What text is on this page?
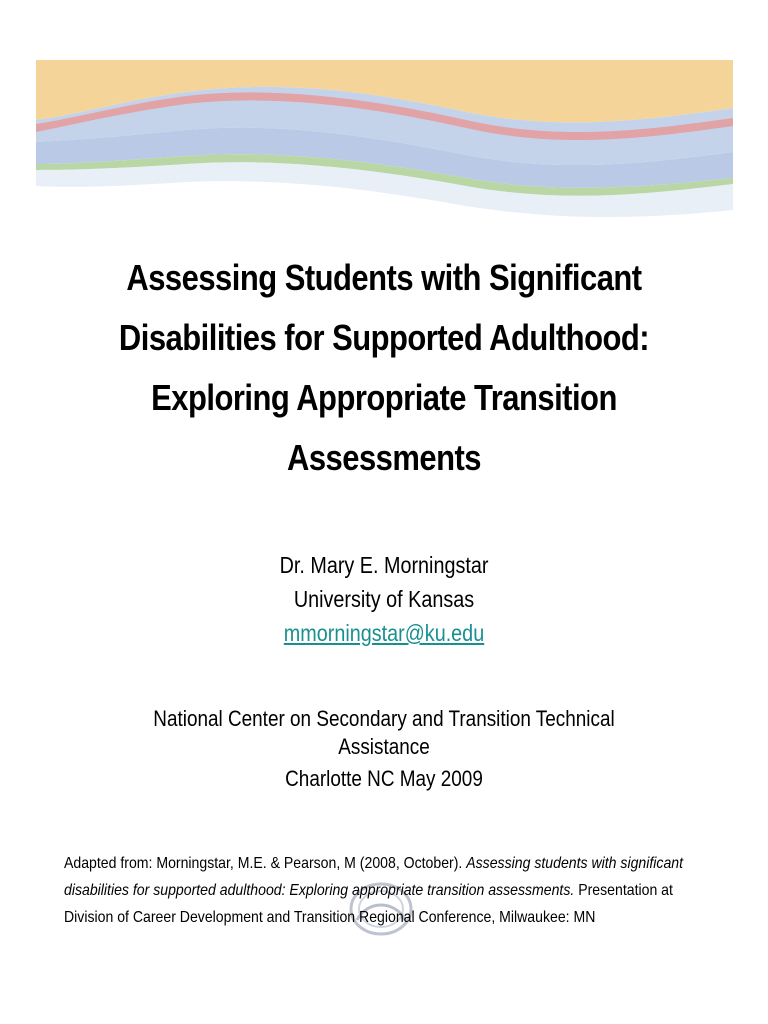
Assessing Students with Significant
Disabilities for Supported Adulthood:
Exploring Appropriate Transition
Assessments
Dr. Mary E. Morningstar
University of Kansas
mmorningstar@ku.edu
National Center on Secondary and Transition Technical
Assistance
Charlotte NC May 2009
Adapted from: Morningstar, M.E. & Pearson, M (2008, October). Assessing students with significant disabilities for supported adulthood: Exploring appropriate transition assessments. Presentation at Division of Career Development and Transition Regional Conference, Milwaukee: MN
